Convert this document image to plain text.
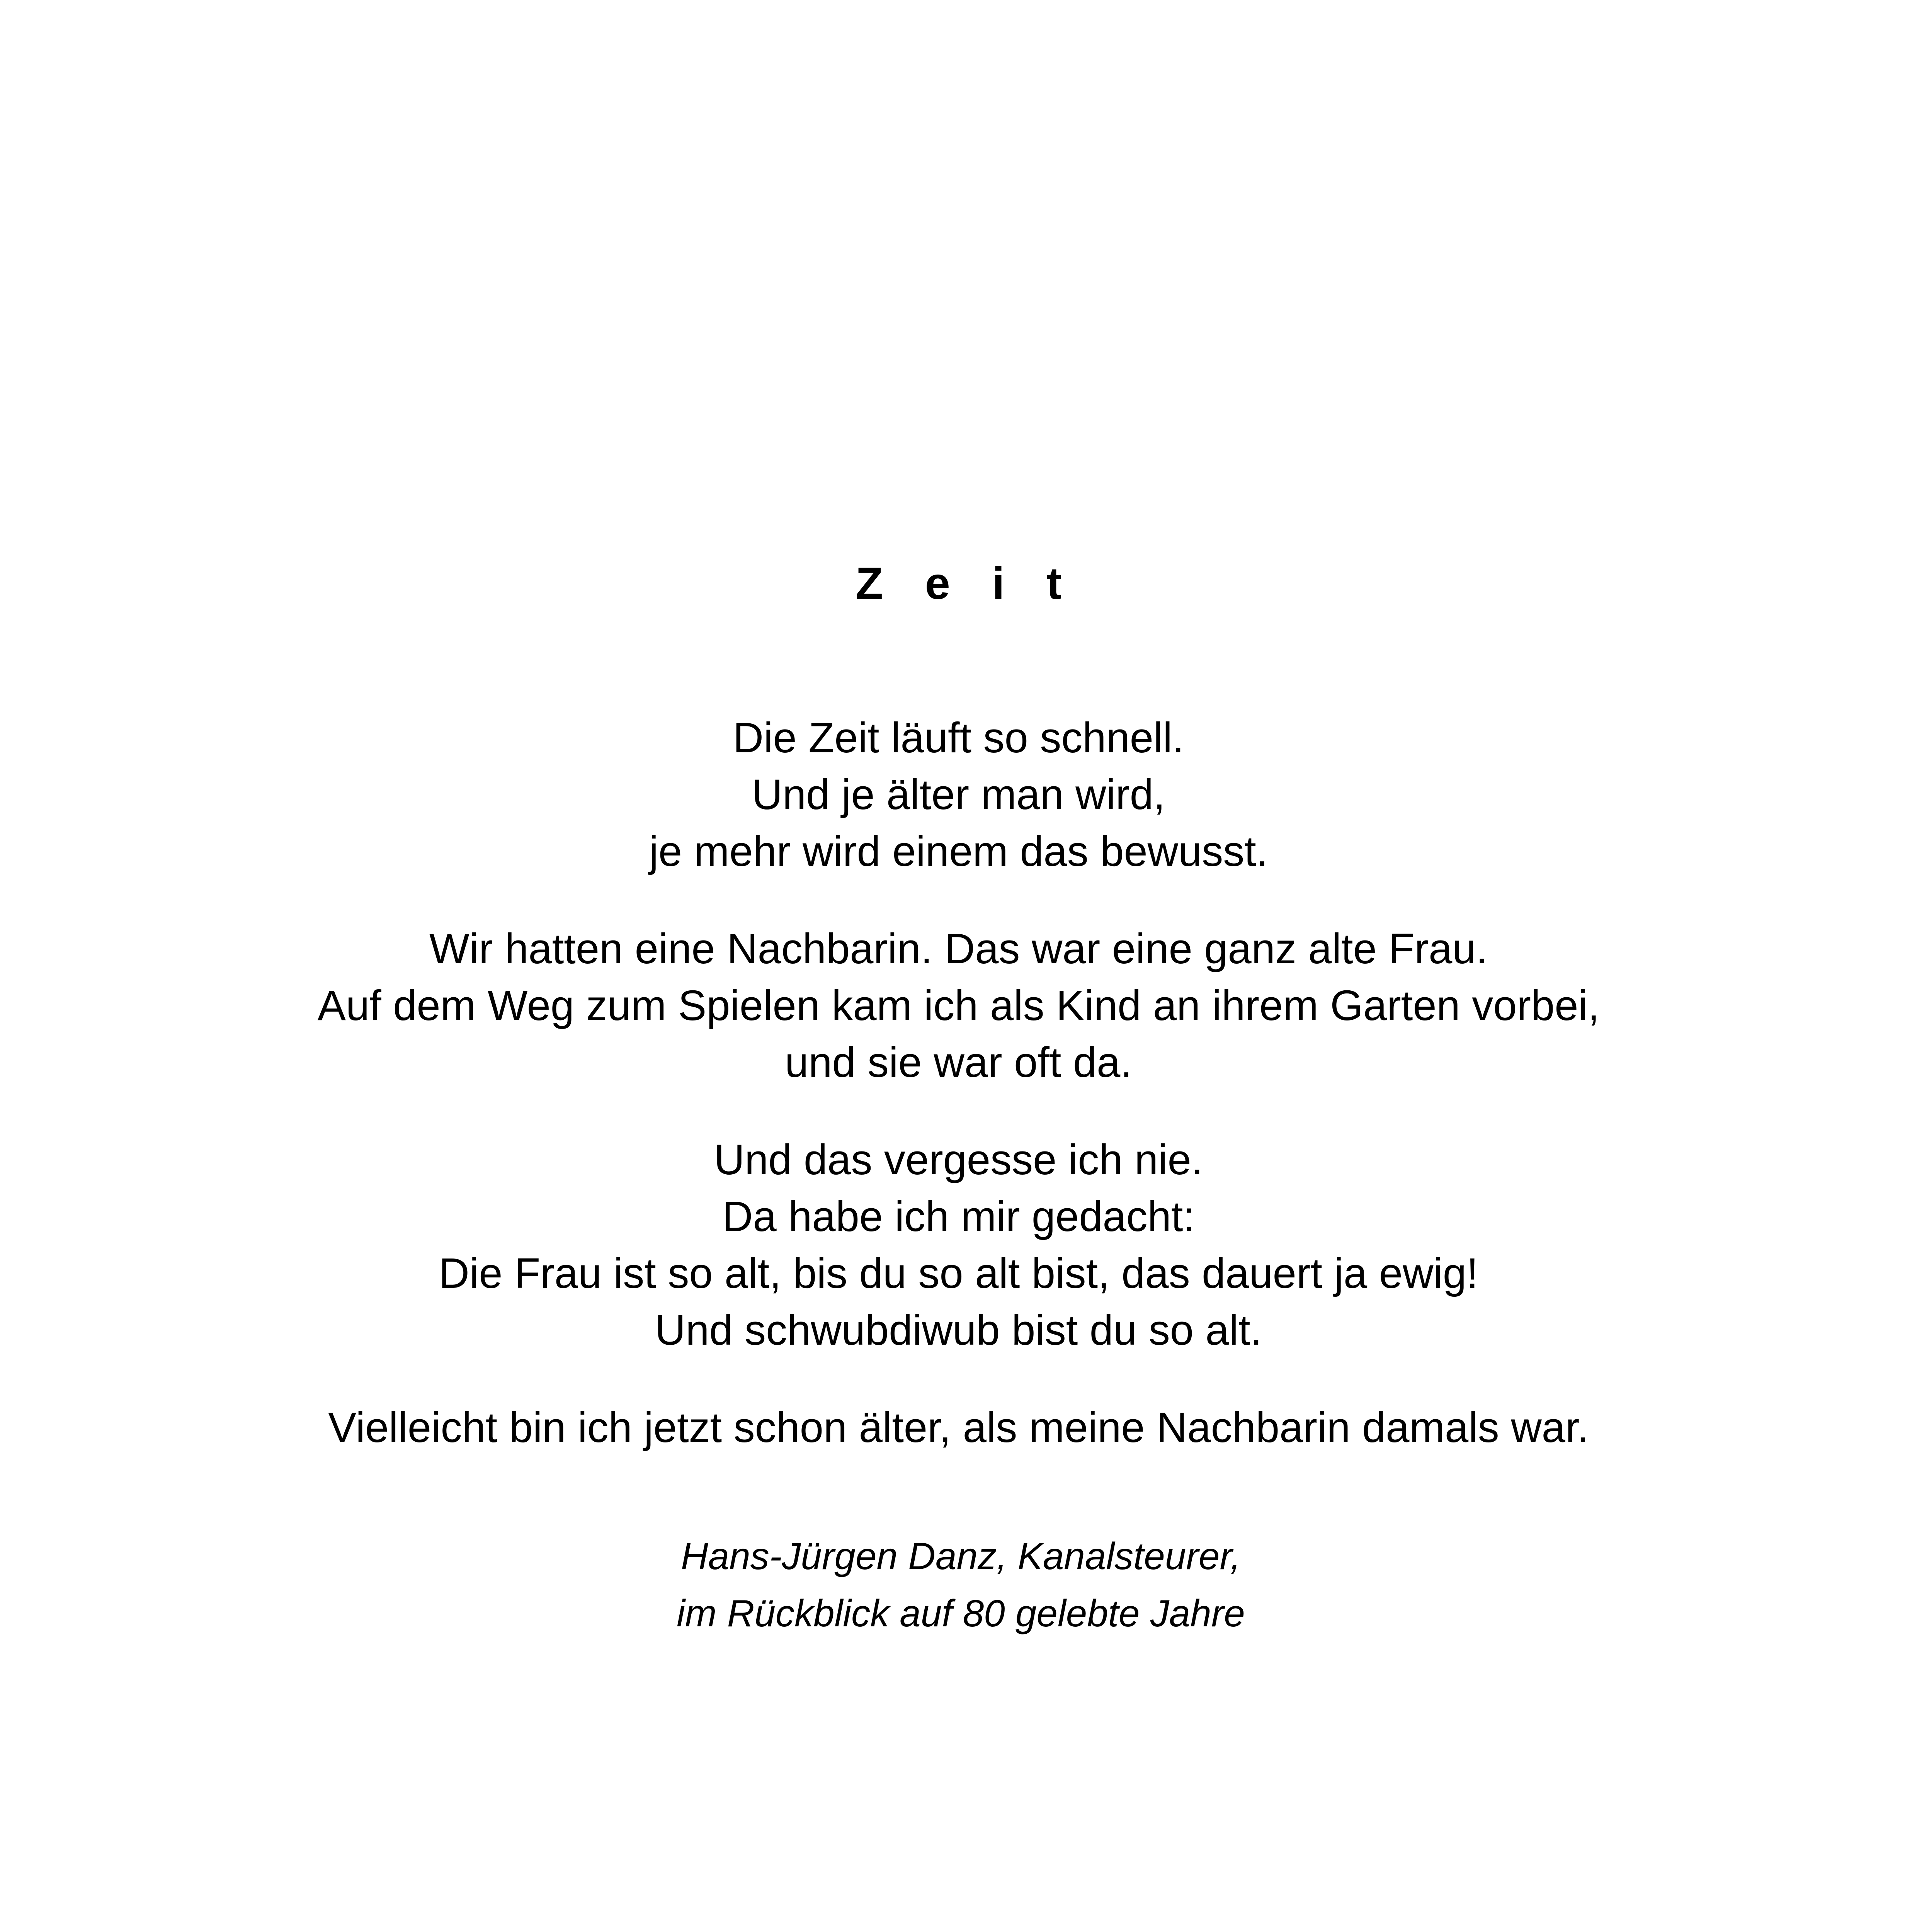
Z e i t
Die Zeit läuft so schnell.
Und je älter man wird,
je mehr wird einem das bewusst.
Wir hatten eine Nachbarin. Das war eine ganz alte Frau.
Auf dem Weg zum Spielen kam ich als Kind an ihrem Garten vorbei,
und sie war oft da.
Und das vergesse ich nie.
Da habe ich mir gedacht:
Die Frau ist so alt, bis du so alt bist, das dauert ja ewig!
Und schwubdiwub bist du so alt.
Vielleicht bin ich jetzt schon älter, als meine Nachbarin damals war.
Hans-Jürgen Danz, Kanalsteurer,
im Rückblick auf 80 gelebte Jahre
